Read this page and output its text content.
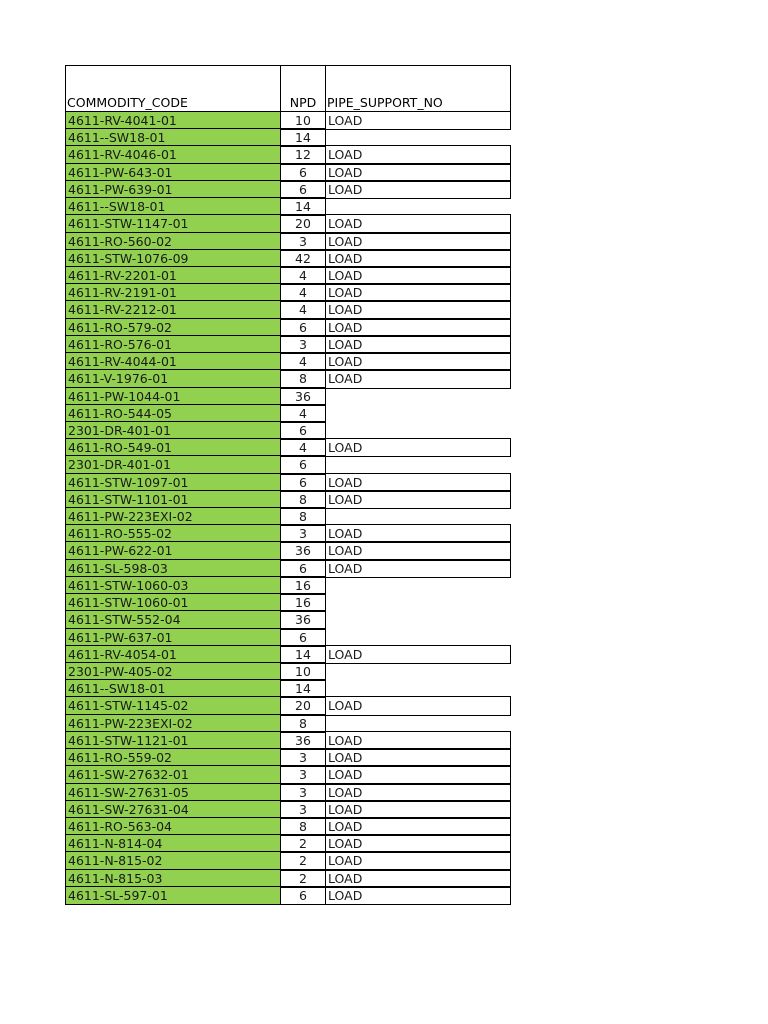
COMMODITY_CODE	NPD PIPE_SUPPORT_NO
4611-RV-4041-01	10	LOAD
4611--SW18-01	14
4611-RV-4046-01	12	LOAD
4611-PW-643-01	6	LOAD
4611-PW-639-01	6	LOAD
4611--SW18-01	14
4611-STW-1147-01	20	LOAD
4611-RO-560-02	3	LOAD
4611-STW-1076-09	42	LOAD
4611-RV-2201-01	4	LOAD
4611-RV-2191-01	4	LOAD
4611-RV-2212-01	4	LOAD
4611-RO-579-02	6	LOAD
4611-RO-576-01	3	LOAD
4611-RV-4044-01	4	LOAD
4611-V-1976-01	8	LOAD
4611-PW-1044-01	36
4611-RO-544-05	4
2301-DR-401-01	6
4611-RO-549-01	4	LOAD
2301-DR-401-01	6
4611-STW-1097-01	6	LOAD
4611-STW-1101-01	8	LOAD
4611-PW-223EXI-02	8
4611-RO-555-02	3	LOAD
4611-PW-622-01	36	LOAD
4611-SL-598-03	6	LOAD
4611-STW-1060-03	16
4611-STW-1060-01	16
4611-STW-552-04	36
4611-PW-637-01	6
4611-RV-4054-01	14	LOAD
2301-PW-405-02	10
4611--SW18-01	14
4611-STW-1145-02	20	LOAD
4611-PW-223EXI-02	8
4611-STW-1121-01	36	LOAD
4611-RO-559-02	3	LOAD
4611-SW-27632-01	3	LOAD
4611-SW-27631-05	3	LOAD
4611-SW-27631-04	3	LOAD
4611-RO-563-04	8	LOAD
4611-N-814-04	2	LOAD
4611-N-815-02	2	LOAD
4611-N-815-03	2	LOAD
4611-SL-597-01	6	LOAD
